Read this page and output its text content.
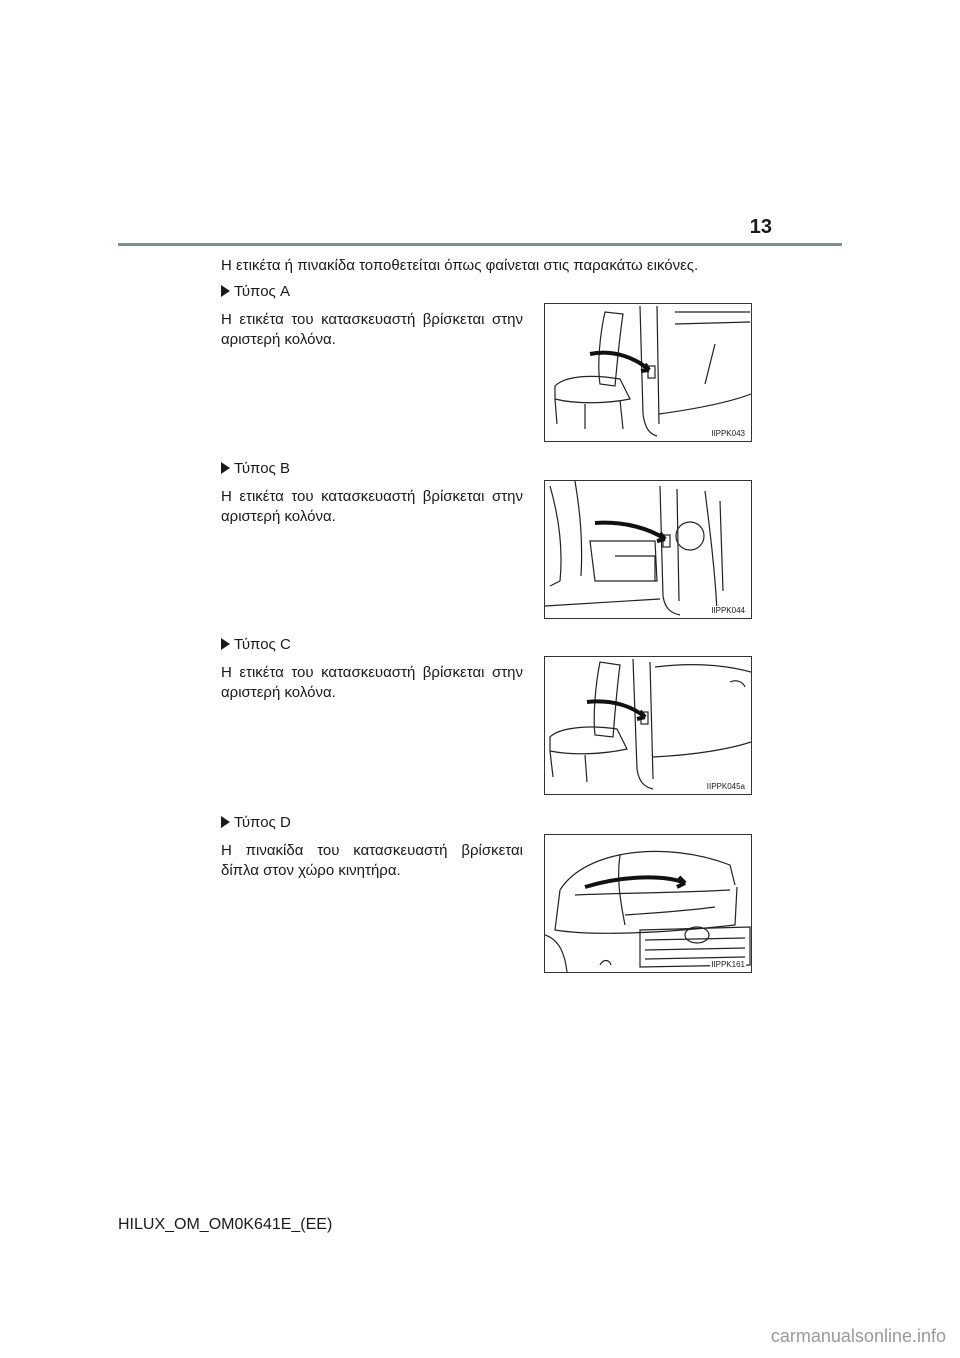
13
Η ετικέτα ή πινακίδα τοποθετείται όπως φαίνεται στις παρακάτω εικόνες.
Τύπος A
Η ετικέτα του κατασκευαστή βρίσκεται στην αριστερή κολόνα.
IIPPK043
Τύπος B
Η ετικέτα του κατασκευαστή βρίσκεται στην αριστερή κολόνα.
IIPPK044
Τύπος C
Η ετικέτα του κατασκευαστή βρίσκεται στην αριστερή κολόνα.
IIPPK045a
Τύπος D
Η πινακίδα του κατασκευαστή βρίσκεται δίπλα στον χώρο κινητήρα.
IIPPK161
HILUX_OM_OM0K641E_(EE)
carmanualsonline.info
